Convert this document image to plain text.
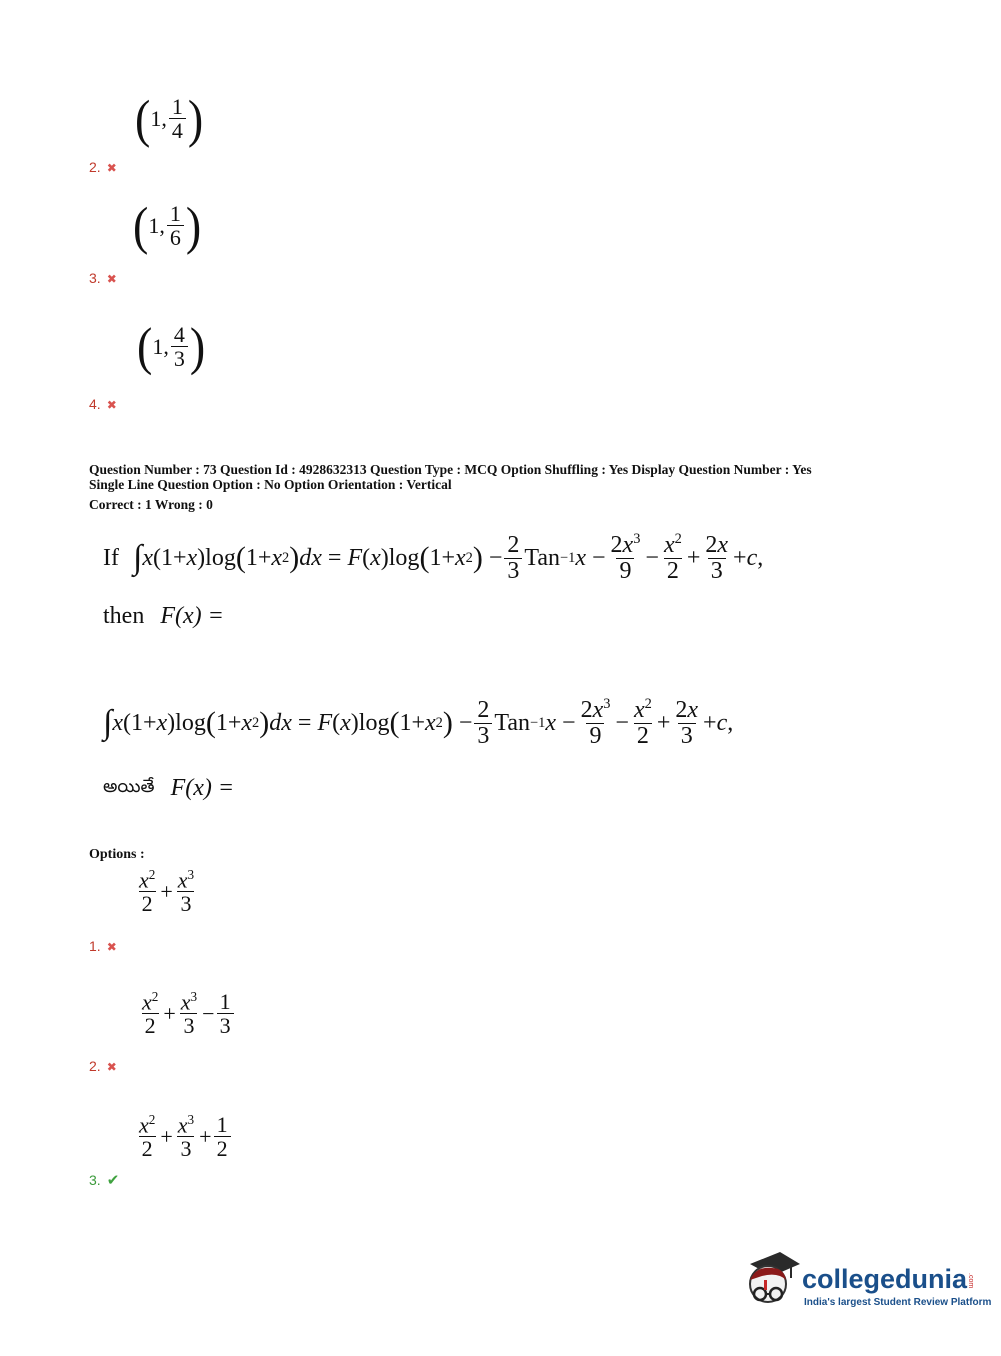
( 1, $\frac{1}{4}$ )
2. ✖
( 1, $\frac{1}{6}$ )
3. ✖
( 1, $\frac{4}{3}$ )
4. ✖
Question Number : 73 Question Id : 4928632313 Question Type : MCQ Option Shuffling : Yes Display Question Number : Yes
Single Line Question Option : No Option Orientation : Vertical
Correct : 1 Wrong : 0
If ∫ x (1+ x )log ( 1+ x 2 ) dx = F ( x )log ( 1+ x 2 ) − $\frac{2}{3}$ Tan −1 $x - \frac{2x^3}{9} - \frac{x^2}{2} + \frac{2x}{3} + c$ ,
then F(x) =
∫ x (1+ x )log ( 1+ x 2 ) dx = F ( x )log ( 1+ x 2 ) − $\frac{2}{3}$ Tan −1 $x - \frac{2x^3}{9} - \frac{x^2}{2} + \frac{2x}{3} + c$ ,
అయితే F(x) =
Options :
$\frac{x^2}{2} + \frac{x^3}{3}$
1. ✖
$\frac{x^2}{2} + \frac{x^3}{3} - \frac{1}{3}$
2. ✖
$\frac{x^2}{2} + \frac{x^3}{3} + \frac{1}{2}$
3. ✔
collegedunia.com
India's largest Student Review Platform
